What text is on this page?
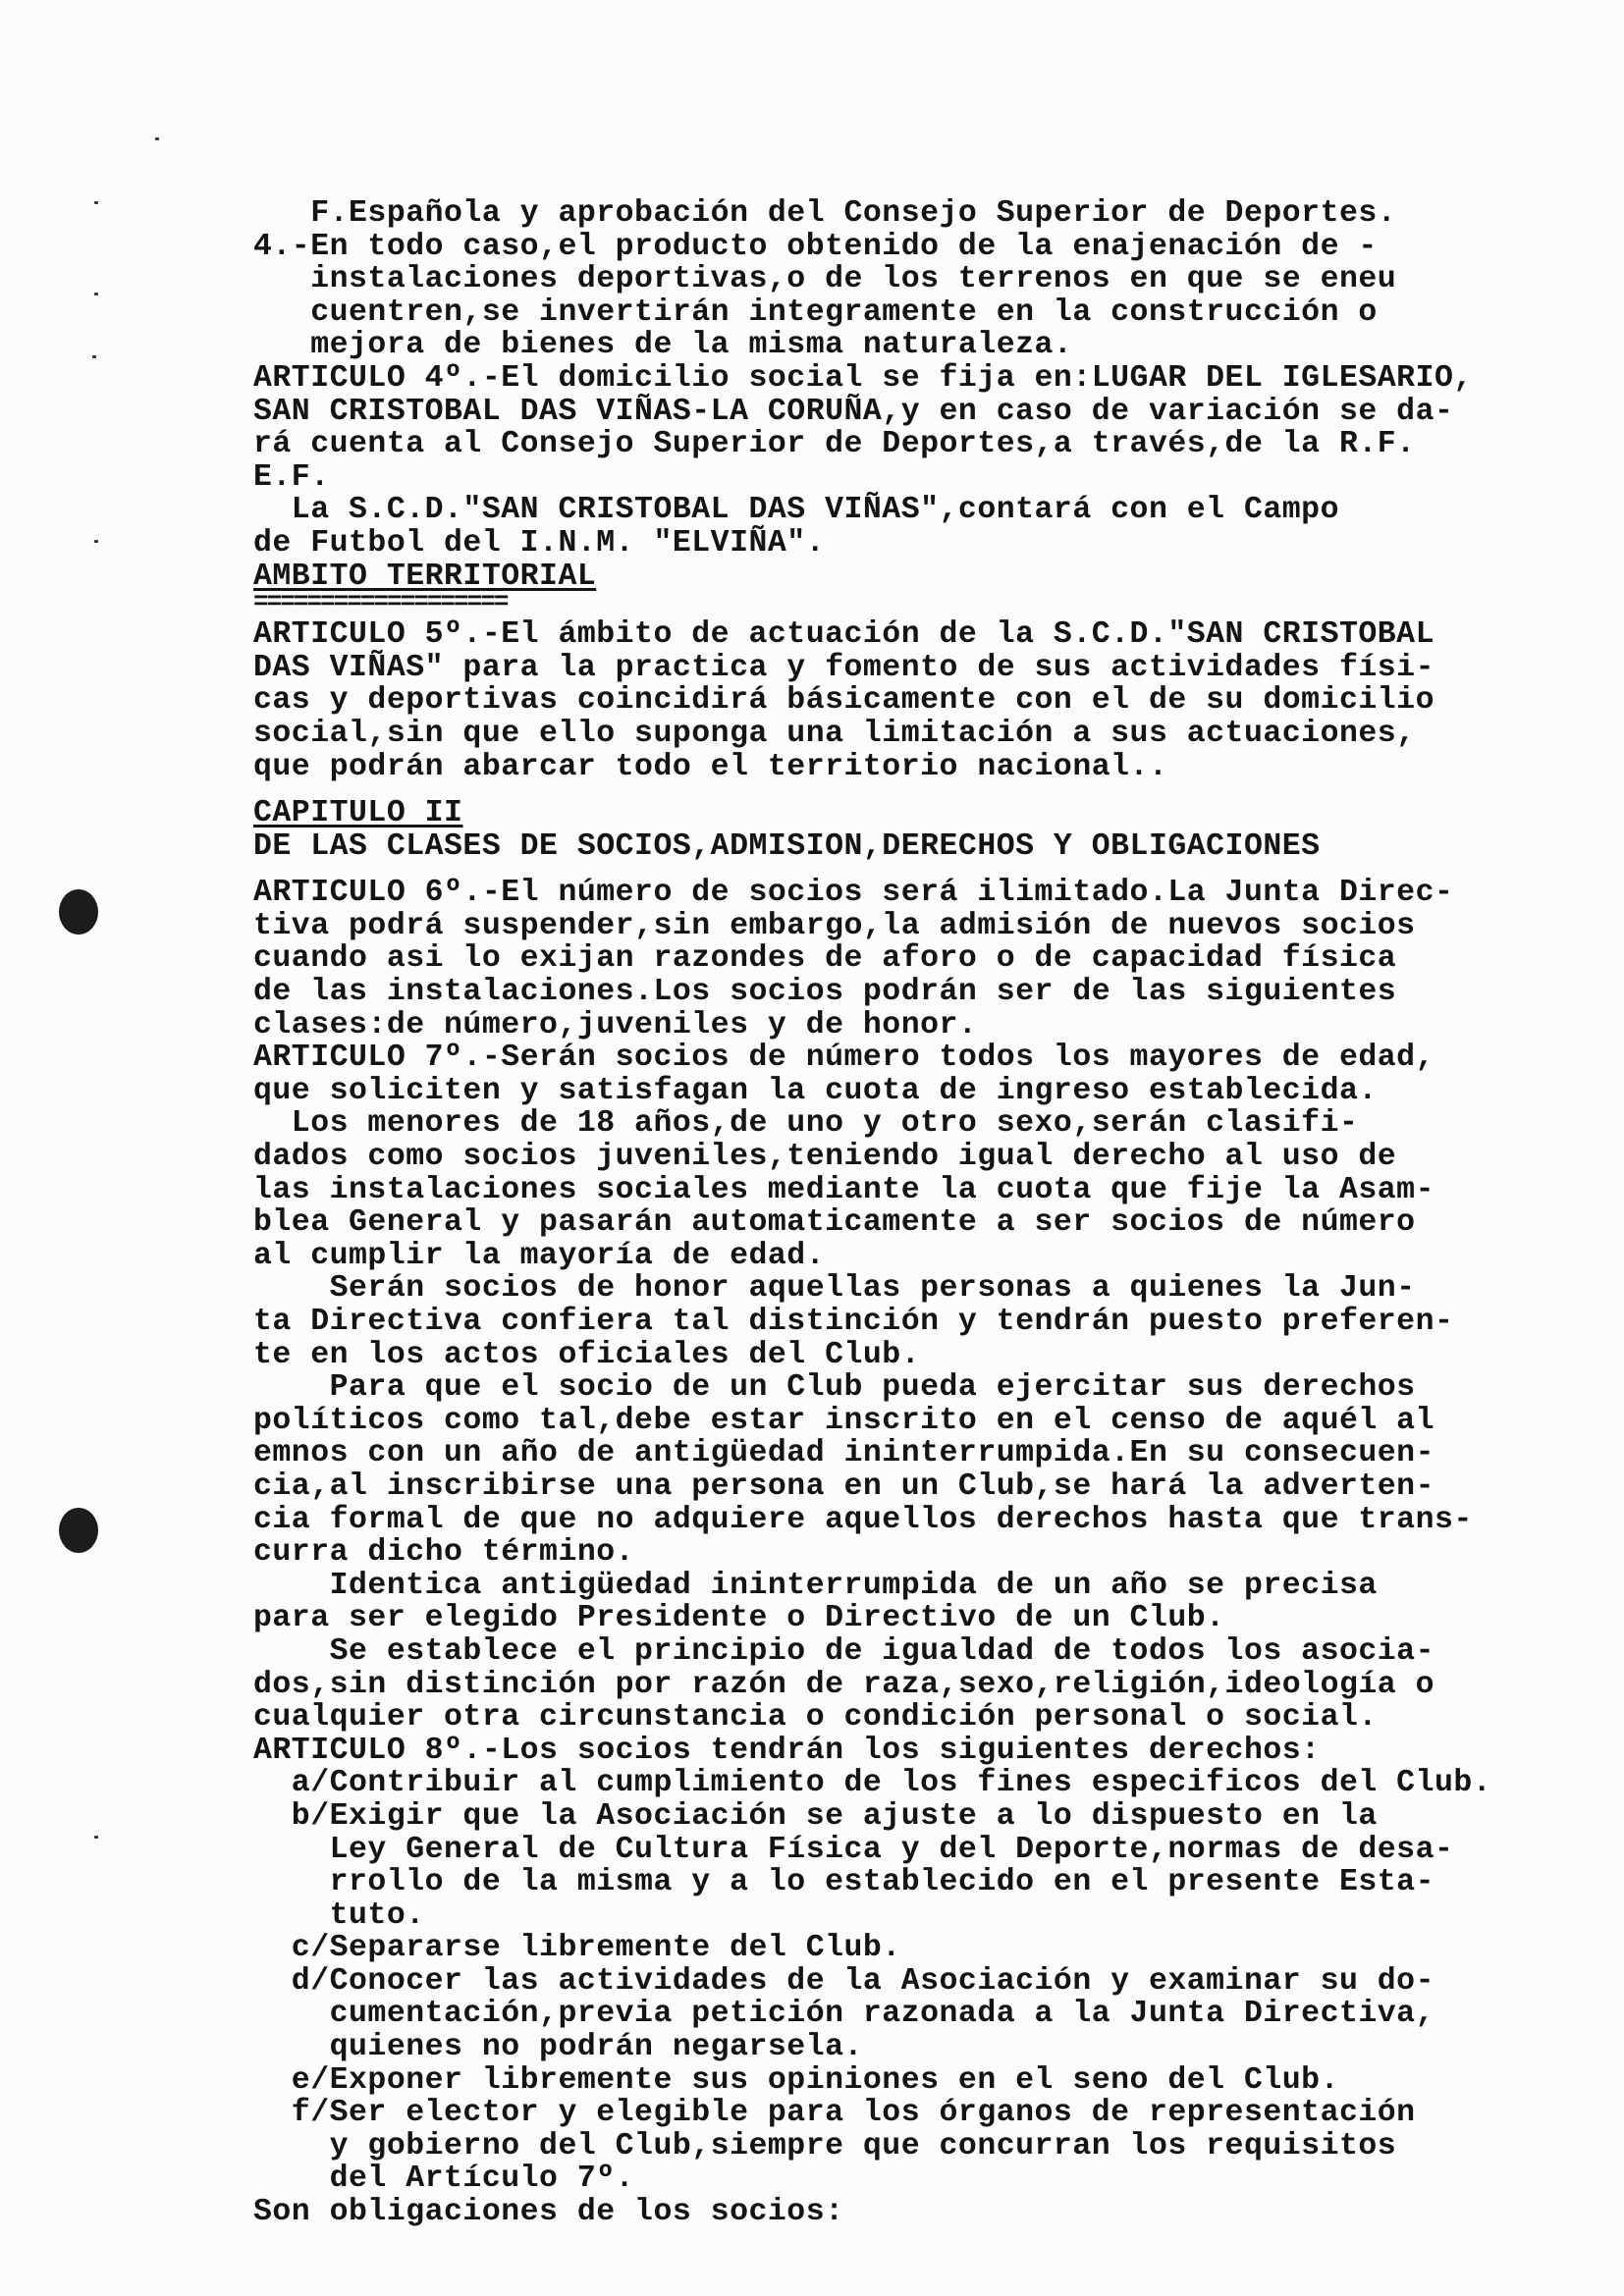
F.Española y aprobación del Consejo Superior de Deportes.
4.-En todo caso,el producto obtenido de la enajenación de -
instalaciones deportivas,o de los terrenos en que se eneu
cuentren,se invertirán integramente en la construcción o
mejora de bienes de la misma naturaleza.
ARTICULO 4º.-El domicilio social se fija en:LUGAR DEL IGLESARIO,
SAN CRISTOBAL DAS VIÑAS-LA CORUÑA,y en caso de variación se da-
rá cuenta al Consejo Superior de Deportes,a través,de la R.F.
E.F.
La S.C.D."SAN CRISTOBAL DAS VIÑAS",contará con el Campo
de Futbol del I.N.M. "ELVIÑA".
AMBITO TERRITORIAL
===================
ARTICULO 5º.-El ámbito de actuación de la S.C.D."SAN CRISTOBAL
DAS VIÑAS" para la practica y fomento de sus actividades físi-
cas y deportivas coincidirá básicamente con el de su domicilio
social,sin que ello suponga una limitación a sus actuaciones,
que podrán abarcar todo el territorio nacional..
CAPITULO II
DE LAS CLASES DE SOCIOS,ADMISION,DERECHOS Y OBLIGACIONES
ARTICULO 6º.-El número de socios será ilimitado.La Junta Direc-
tiva podrá suspender,sin embargo,la admisión de nuevos socios
cuando asi lo exijan razondes de aforo o de capacidad física
de las instalaciones.Los socios podrán ser de las siguientes
clases:de número,juveniles y de honor.
ARTICULO 7º.-Serán socios de número todos los mayores de edad,
que soliciten y satisfagan la cuota de ingreso establecida.
Los menores de 18 años,de uno y otro sexo,serán clasifi-
dados como socios juveniles,teniendo igual derecho al uso de
las instalaciones sociales mediante la cuota que fije la Asam-
blea General y pasarán automaticamente a ser socios de número
al cumplir la mayoría de edad.
Serán socios de honor aquellas personas a quienes la Jun-
ta Directiva confiera tal distinción y tendrán puesto preferen-
te en los actos oficiales del Club.
Para que el socio de un Club pueda ejercitar sus derechos
políticos como tal,debe estar inscrito en el censo de aquél al
emnos con un año de antigüedad ininterrumpida.En su consecuen-
cia,al inscribirse una persona en un Club,se hará la adverten-
cia formal de que no adquiere aquellos derechos hasta que trans-
curra dicho término.
Identica antigüedad ininterrumpida de un año se precisa
para ser elegido Presidente o Directivo de un Club.
Se establece el principio de igualdad de todos los asocia-
dos,sin distinción por razón de raza,sexo,religión,ideología o
cualquier otra circunstancia o condición personal o social.
ARTICULO 8º.-Los socios tendrán los siguientes derechos:
a/Contribuir al cumplimiento de los fines especificos del Club.
b/Exigir que la Asociación se ajuste a lo dispuesto en la
Ley General de Cultura Física y del Deporte,normas de desa-
rrollo de la misma y a lo establecido en el presente Esta-
tuto.
c/Separarse libremente del Club.
d/Conocer las actividades de la Asociación y examinar su do-
cumentación,previa petición razonada a la Junta Directiva,
quienes no podrán negarsela.
e/Exponer libremente sus opiniones en el seno del Club.
f/Ser elector y elegible para los órganos de representación
y gobierno del Club,siempre que concurran los requisitos
del Artículo 7º.
Son obligaciones de los socios:
